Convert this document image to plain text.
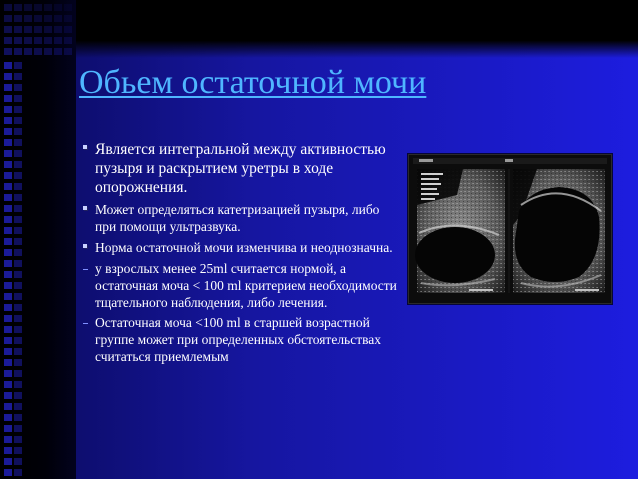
Обьем остаточной мочи
Является интегральной между активностью пузыря и раскрытием уретры в ходе опорожнения.
Может определяться катетризацией пузыря, либо при помощи ультразвука.
Норма остаточной мочи изменчива и неоднозначна.
у взрослых менее 25ml считается нормой, а остаточная моча < 100 ml критерием необходимости тщательного наблюдения, либо лечения.
Остаточная моча <100 ml в старшей возрастной группе может при определенных обстоятельствах считаться приемлемым
